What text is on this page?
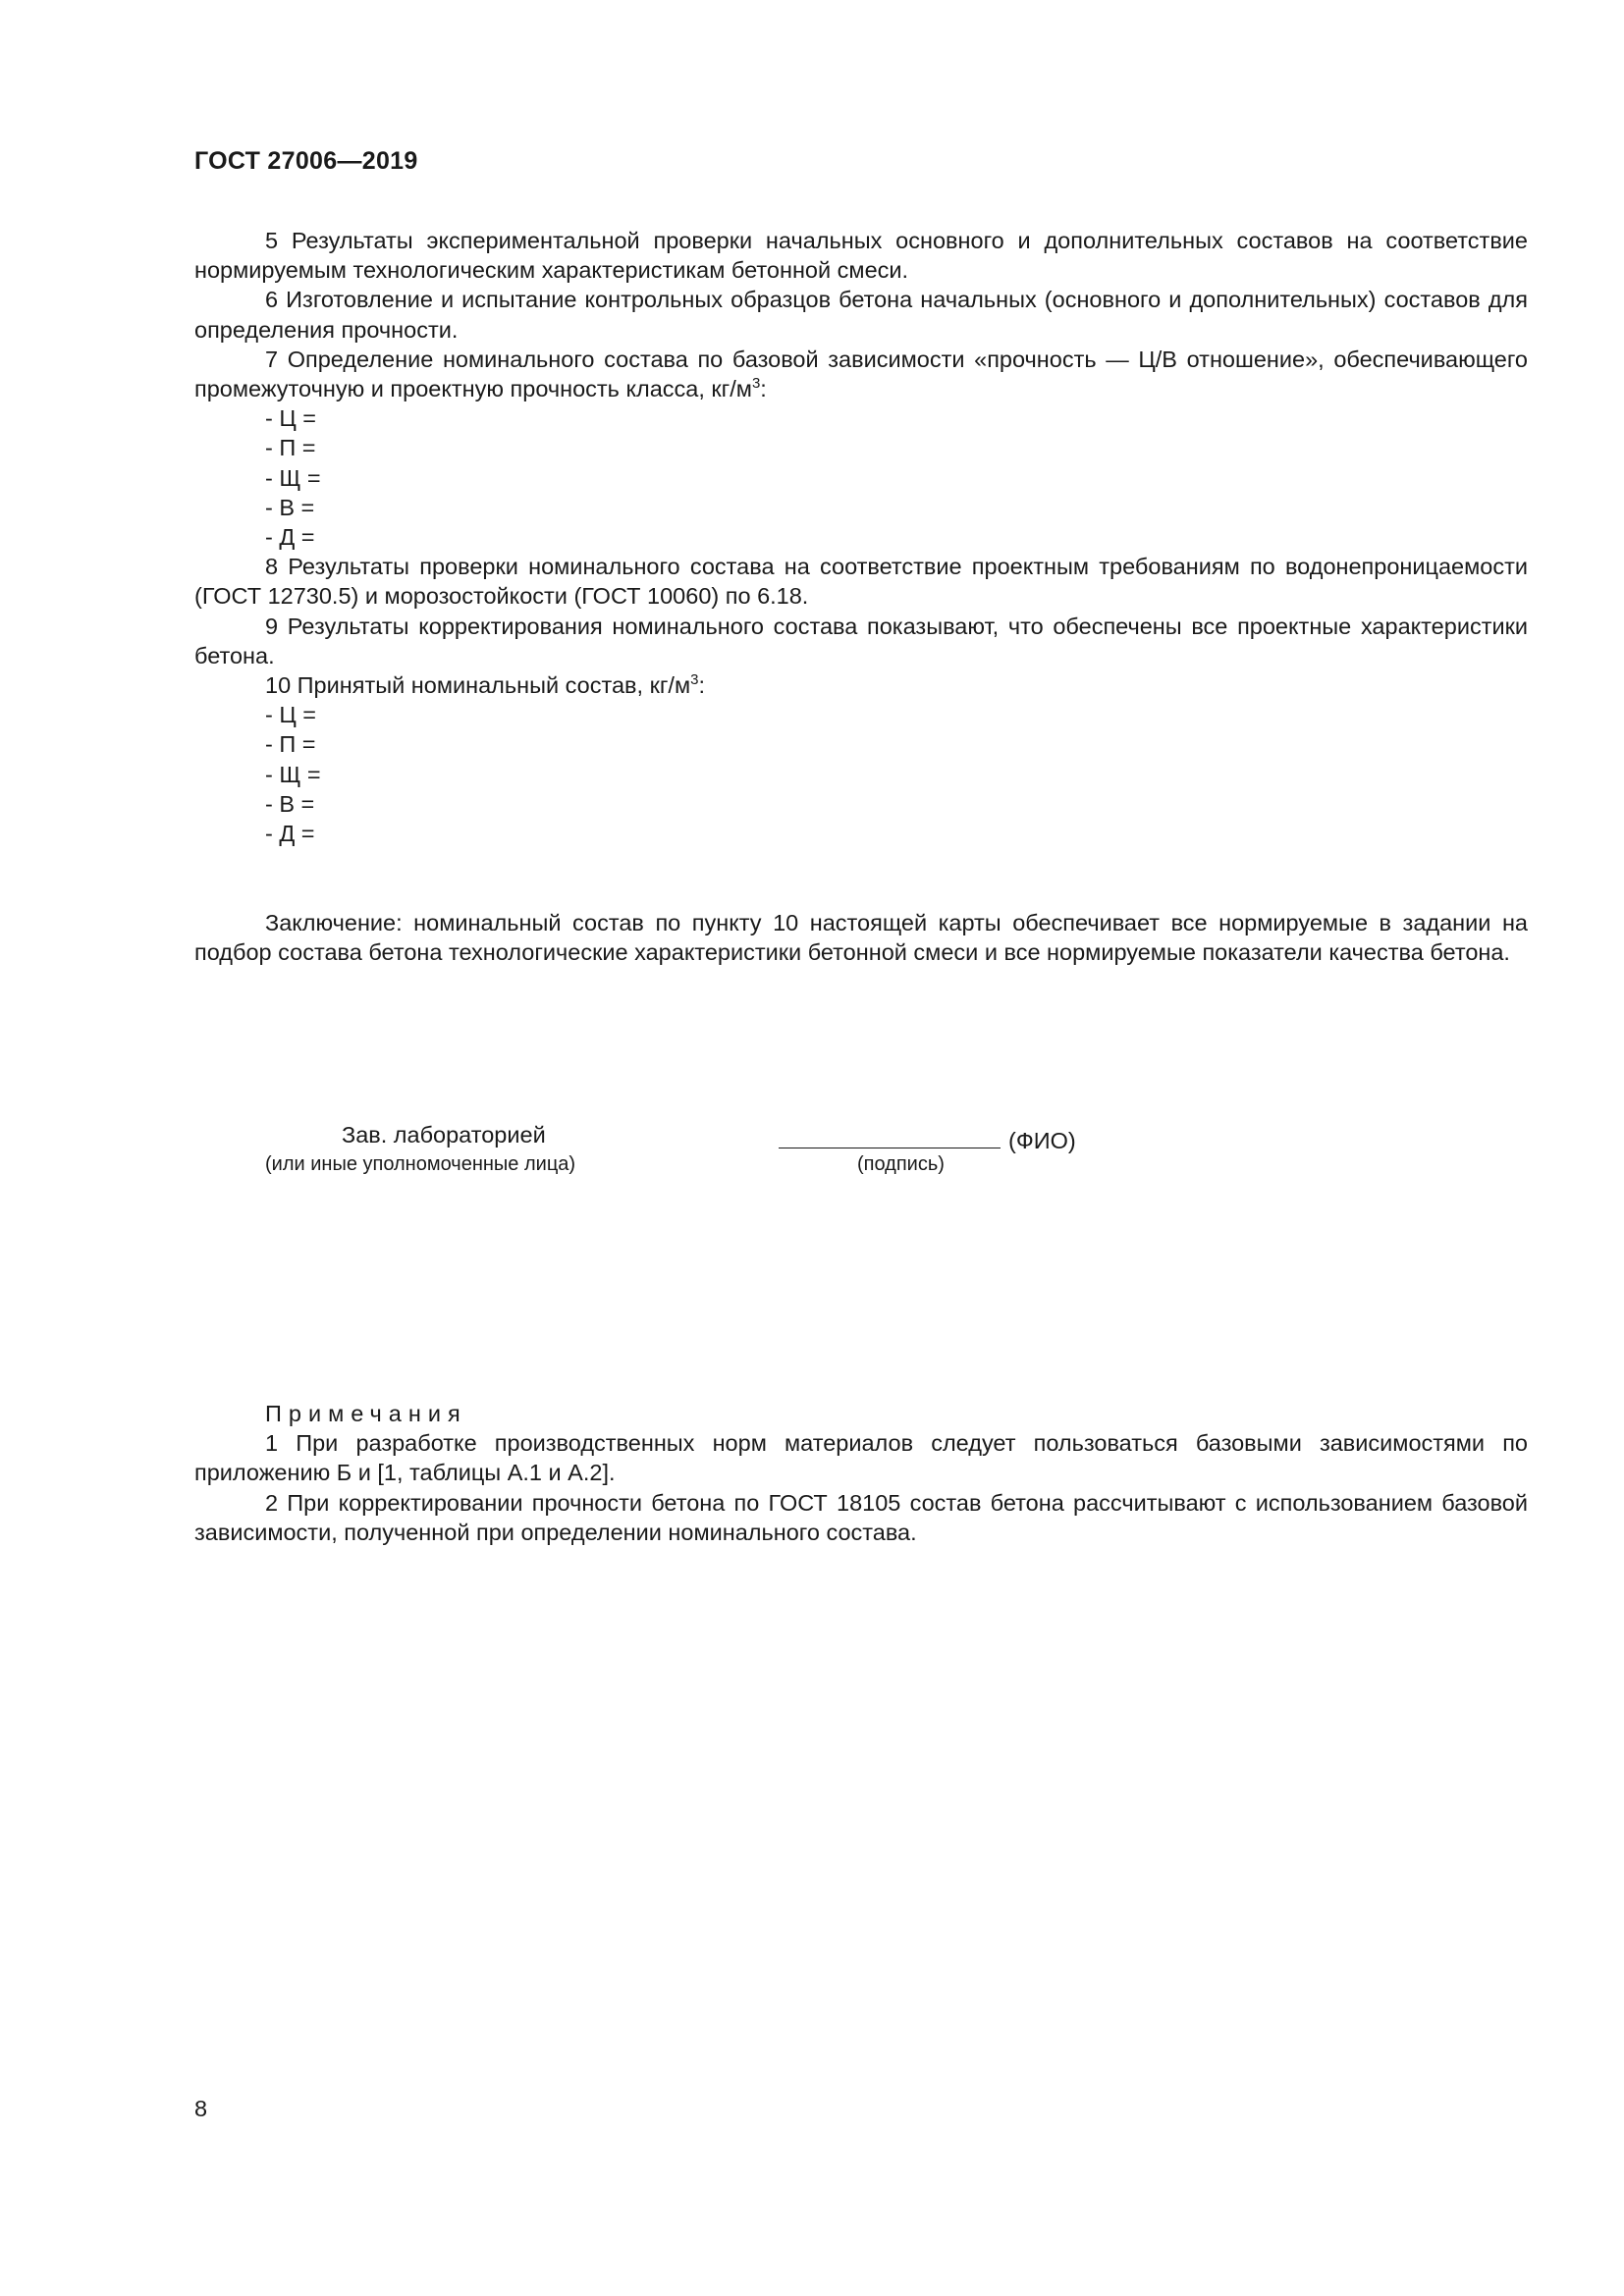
ГОСТ 27006—2019

5 Результаты экспериментальной проверки начальных основного и дополнительных составов на соответствие нормируемым технологическим характеристикам бетонной смеси.

6 Изготовление и испытание контрольных образцов бетона начальных (основного и дополнительных) составов для определения прочности.

7 Определение номинального состава по базовой зависимости «прочность — Ц/В отношение», обеспечивающего промежуточную и проектную прочность класса, $кг/м^3$:

- Ц =

- П =

- Щ =

- В =

- Д =

8 Результаты проверки номинального состава на соответствие проектным требованиям по водонепроницаемости (ГОСТ 12730.5) и морозостойкости (ГОСТ 10060) по 6.18.

9 Результаты корректирования номинального состава показывают, что обеспечены все проектные характеристики бетона.

10 Принятый номинальный состав, $кг/м^3$:

- Ц =

- П =

- Щ =

- В =

- Д =

Заключение: номинальный состав по пункту 10 настоящей карты обеспечивает все нормируемые в задании на подбор состава бетона технологические характеристики бетонной смеси и все нормируемые показатели качества бетона.

Зав. лабораторией
(или иные уполномоченные лица)
(ФИО)
(подпись)

Примечания

1 При разработке производственных норм материалов следует пользоваться базовыми зависимостями по приложению Б и [1, таблицы А.1 и А.2].

2 При корректировании прочности бетона по ГОСТ 18105 состав бетона рассчитывают с использованием базовой зависимости, полученной при определении номинального состава.

8
